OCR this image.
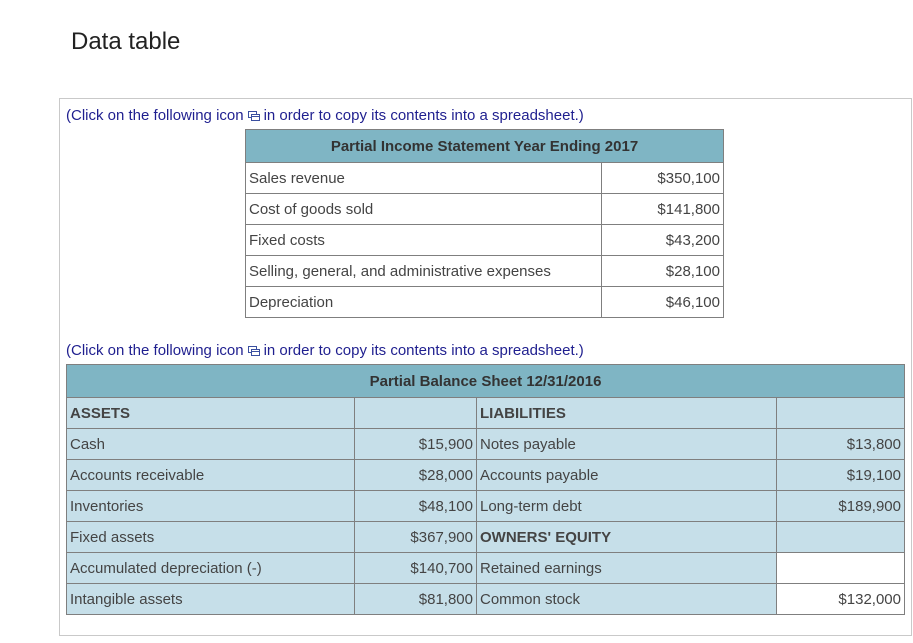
Data table
(Click on the following icon in order to copy its contents into a spreadsheet.)
Partial Income Statement Year Ending 2017	
Sales revenue	$350,100
Cost of goods sold	$141,800
Fixed costs	$43,200
Selling, general, and administrative expenses	$28,100
Depreciation	$46,100
(Click on the following icon in order to copy its contents into a spreadsheet.)
Partial Balance Sheet 12/31/2016			
ASSETS		LIABILITIES	
Cash	$15,900	Notes payable	$13,800
Accounts receivable	$28,000	Accounts payable	$19,100
Inventories	$48,100	Long-term debt	$189,900
Fixed assets	$367,900	OWNERS' EQUITY	
Accumulated depreciation (-)	$140,700	Retained earnings	
Intangible assets	$81,800	Common stock	$132,000
